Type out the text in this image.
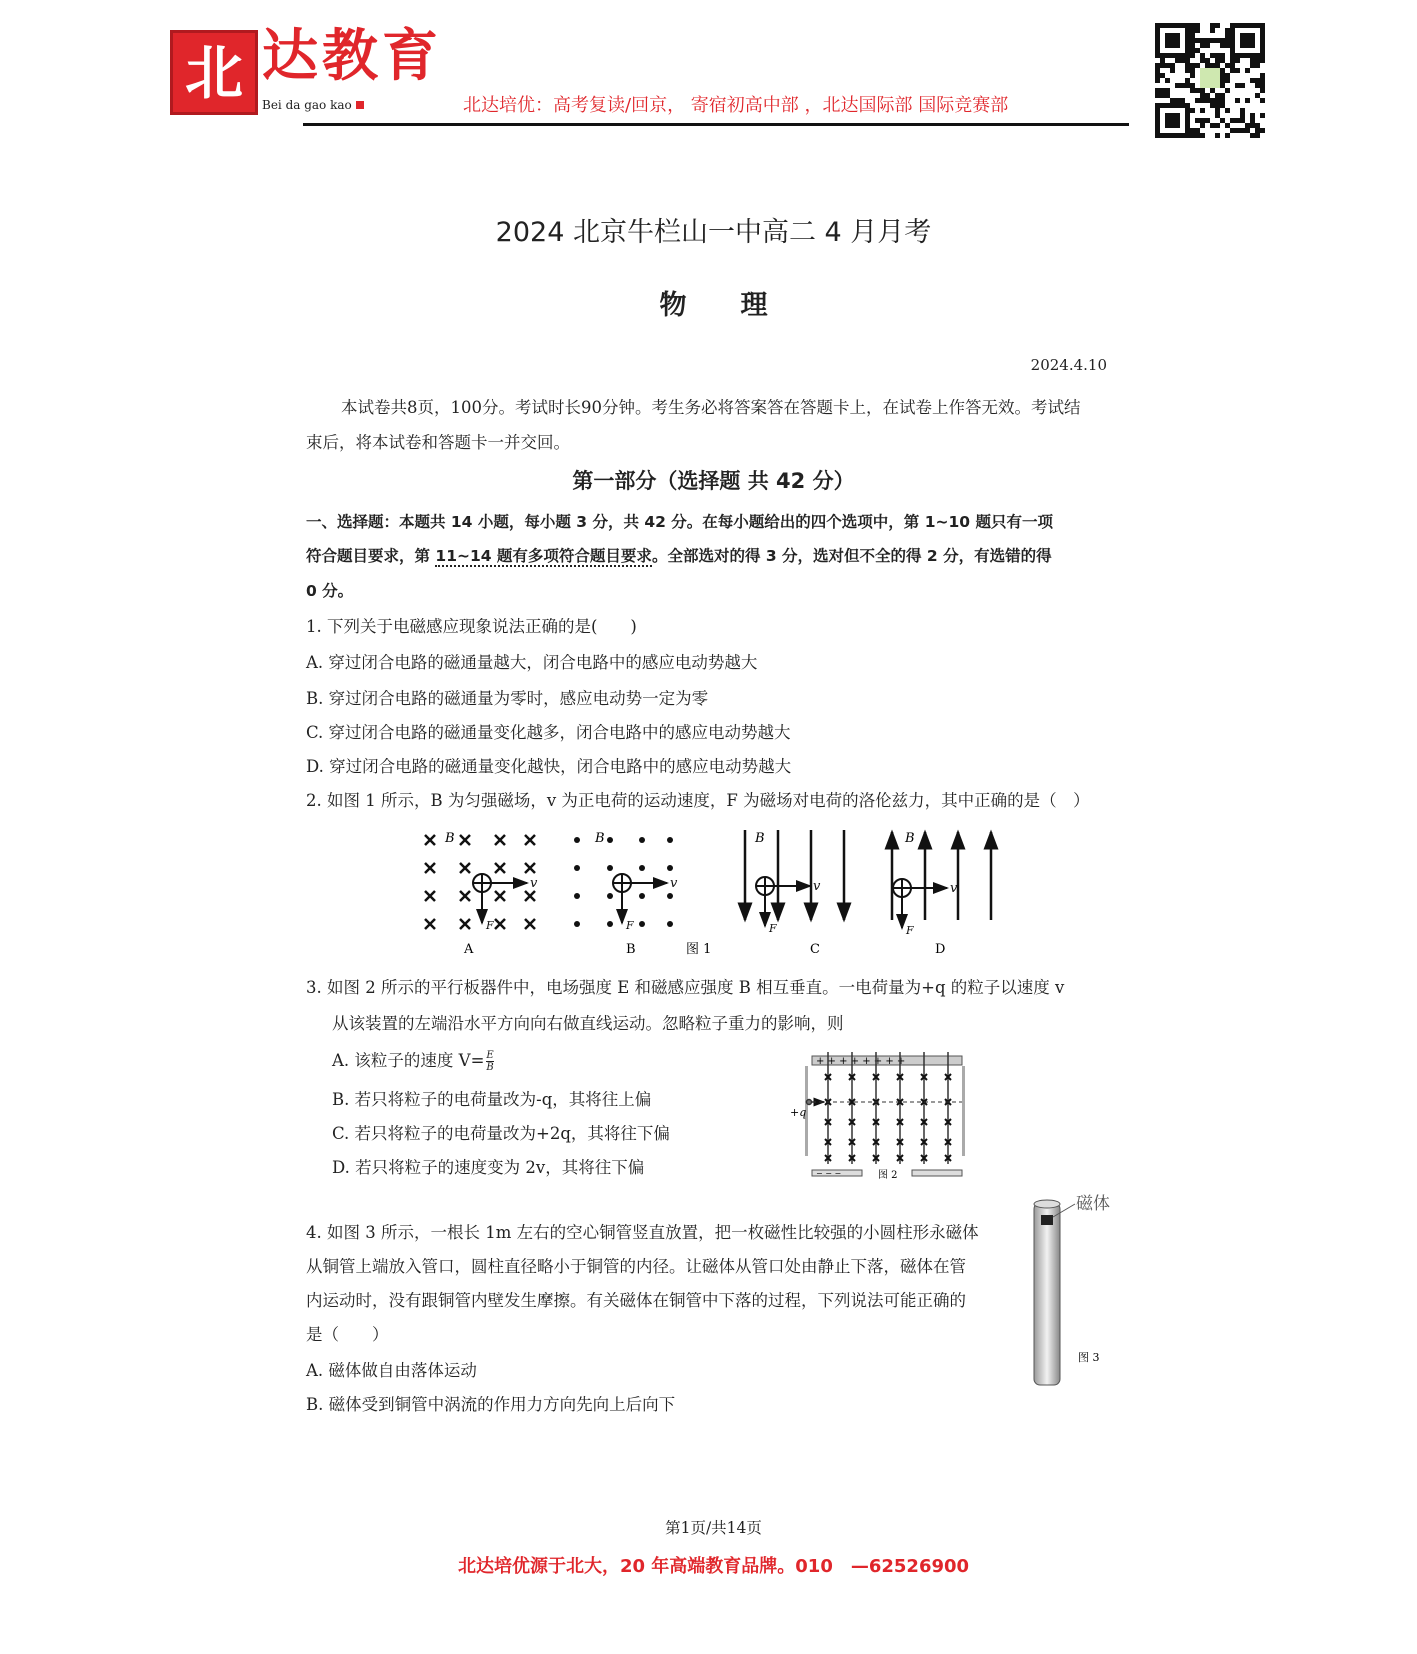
北 达教育
Bei da gao kao	北达培优：高考复读/回京， 寄宿初高中部 ，北达国际部 国际竞赛部
2024 北京牛栏山一中高二 4 月月考
物　　理
2024.4.10
本试卷共8页，100分。考试时长90分钟。考生务必将答案答在答题卡上，在试卷上作答无效。考试结
束后，将本试卷和答题卡一并交回。
第一部分（选择题 共 42 分）
一、选择题：本题共 14 小题，每小题 3 分，共 42 分。在每小题给出的四个选项中，第 1~10 题只有一项
符合题目要求，第 11~14 题有多项符合题目要求。全部选对的得 3 分，选对但不全的得 2 分，有选错的得
0 分。
1. 下列关于电磁感应现象说法正确的是(　　)
A. 穿过闭合电路的磁通量越大，闭合电路中的感应电动势越大
B. 穿过闭合电路的磁通量为零时，感应电动势一定为零
C. 穿过闭合电路的磁通量变化越多，闭合电路中的感应电动势越大
D. 穿过闭合电路的磁通量变化越快，闭合电路中的感应电动势越大
2. 如图 1 所示，B 为匀强磁场，v 为正电荷的运动速度，F 为磁场对电荷的洛伦兹力，其中正确的是（　）
v
F
v
F
v
F
v
F
B	B	B	B
A	B	图 1	C	D
3. 如图 2 所示的平行板器件中，电场强度 E 和磁感应强度 B 相互垂直。一电荷量为+q 的粒子以速度 v
从该装置的左端沿水平方向向右做直线运动。忽略粒子重力的影响，则
A. 该粒子的速度 $V= \frac{E}{B}$
B. 若只将粒子的电荷量改为-q，其将往上偏
C. 若只将粒子的电荷量改为+2q，其将往下偏
D. 若只将粒子的速度变为 2v，其将往下偏
+ + + + + + + +
+q
− − −	图 2
4. 如图 3 所示，一根长 1m 左右的空心铜管竖直放置，把一枚磁性比较强的小圆柱形永磁体
从铜管上端放入管口，圆柱直径略小于铜管的内径。让磁体从管口处由静止下落，磁体在管
内运动时，没有跟铜管内壁发生摩擦。有关磁体在铜管中下落的过程，下列说法可能正确的
是（　　）
A. 磁体做自由落体运动
B. 磁体受到铜管中涡流的作用力方向先向上后向下
磁体
图 3
第1页/共14页
北达培优源于北大，20 年高端教育品牌。010　—62526900
